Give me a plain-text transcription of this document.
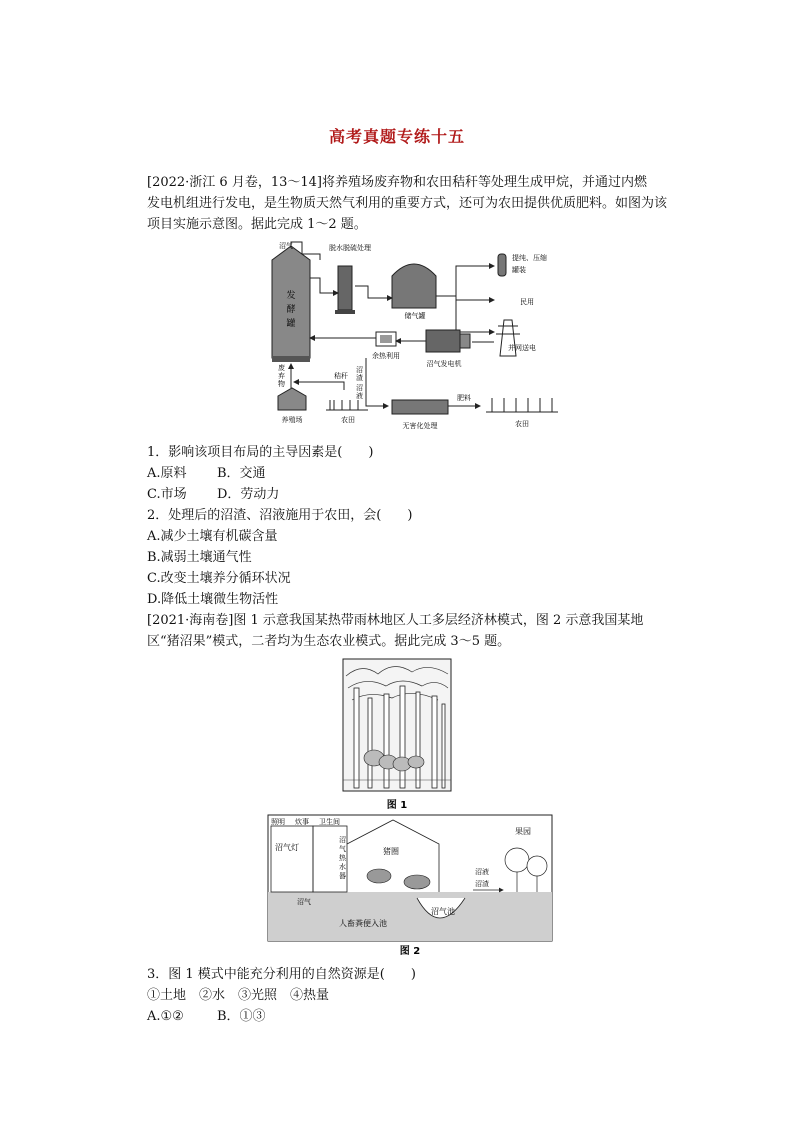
高考真题专练十五
[2022·浙江 6 月卷，13～14]将养殖场废弃物和农田秸秆等处理生成甲烷，并通过内燃
发电机组进行发电，是生物质天然气利用的重要方式，还可为农田提供优质肥料。如图为该
项目实施示意图。据此完成 1～2 题。
发
酵
罐
沼气	脱水脱硫处理
储气罐
提纯、压缩
罐装
民用
并网送电
沼气发电机
余热利用
废
弃
物
秸秆
养殖场	农田
沼
渣
沼
液
无害化处理
肥料
农田
1．影响该项目布局的主导因素是(　　)
A.原料 B．交通
C.市场 D．劳动力
2．处理后的沼渣、沼液施用于农田，会(　　)
A.减少土壤有机碳含量
B.减弱土壤通气性
C.改变土壤养分循环状况
D.降低土壤微生物活性
[2021·海南卷]图 1 示意我国某热带雨林地区人工多层经济林模式，图 2 示意我国某地
区“猪沼果”模式，二者均为生态农业模式。据此完成 3～5 题。
图 1
照明 炊事 卫生间
沼气灯
沼
气
热
水
器
猪圈
沼气池
人畜粪便入池
沼气
沼液
沼渣
果园
图 2
3．图 1 模式中能充分利用的自然资源是(　　)
①土地　②水　③光照　④热量
A.①②	B．①③
